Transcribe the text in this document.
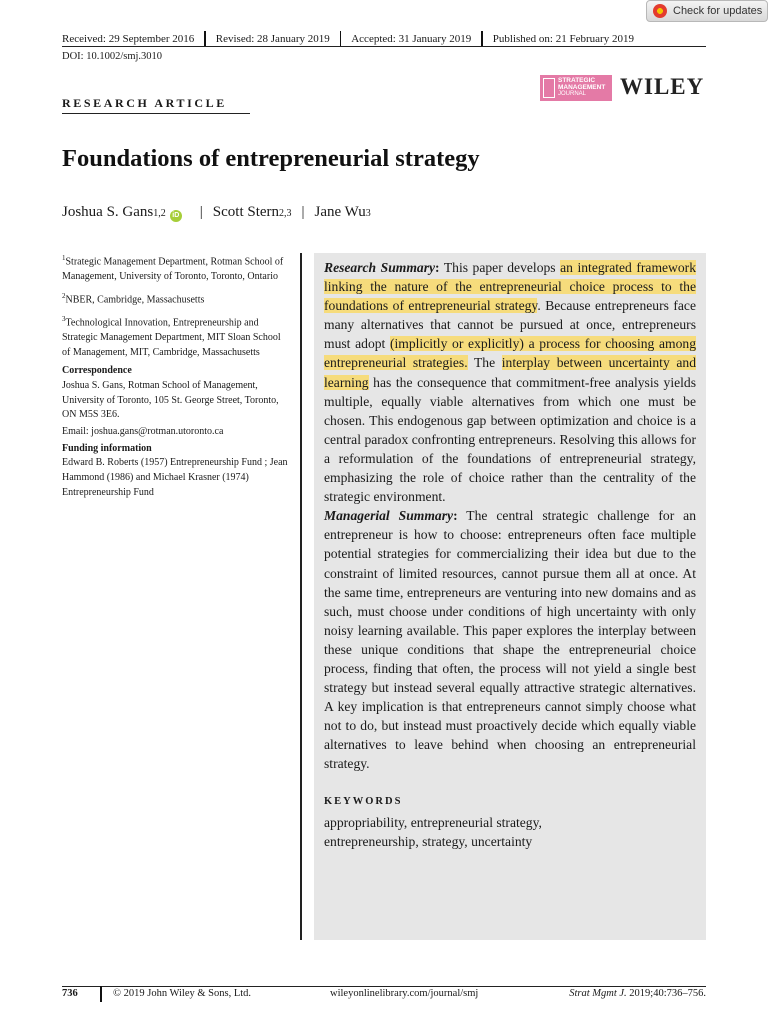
Check for updates
Received: 29 September 2016 Revised: 28 January 2019 Accepted: 31 January 2019 Published on: 21 February 2019
DOI: 10.1002/smj.3010
STRATEGIC
MANAGEMENT
JOURNAL	WILEY
RESEARCH ARTICLE
Foundations of entrepreneurial strategy
Joshua S. Gans 1,2 iD | Scott Stern 2,3 | Jane Wu 3

$^1$Strategic Management Department, Rotman School of Management, University of Toronto, Toronto, Ontario

$^2$NBER, Cambridge, Massachusetts

$^3$Technological Innovation, Entrepreneurship and Strategic Management Department, MIT Sloan School of Management, MIT, Cambridge, Massachusetts

Correspondence
Joshua S. Gans, Rotman School of Management, University of Toronto, 105 St. George Street, Toronto, ON M5S 3E6.
Email: joshua.gans@rotman.utoronto.ca
Funding information
Edward B. Roberts (1957) Entrepreneurship Fund ; Jean Hammond (1986) and Michael Krasner (1974) Entrepreneurship Fund

Research Summary: This paper develops an integrated framework linking the nature of the entrepreneurial choice process to the foundations of entrepreneurial strategy. Because entrepreneurs face many alternatives that cannot be pursued at once, entrepreneurs must adopt (implicitly or explicitly) a process for choosing among entrepreneurial strategies. The interplay between uncertainty and learning has the consequence that commitment-free analysis yields multiple, equally viable alternatives from which one must be chosen. This endogenous gap between optimization and choice is a central paradox confronting entrepreneurs. Resolving this allows for a reformulation of the foundations of entrepreneurial strategy, emphasizing the role of choice rather than the centrality of the strategic environment.

Managerial Summary: The central strategic challenge for an entrepreneur is how to choose: entrepreneurs often face multiple potential strategies for commercializing their idea but due to the constraint of limited resources, cannot pursue them all at once. At the same time, entrepreneurs are venturing into new domains and as such, must choose under conditions of high uncertainty with only noisy learning available. This paper explores the interplay between these unique conditions that shape the entrepreneurial choice process, finding that often, the process will not yield a single best strategy but instead several equally attractive strategic alternatives. A key implication is that entrepreneurs cannot simply choose what not to do, but instead must proactively decide which equally viable alternatives to leave behind when choosing an entrepreneurial strategy.

KEYWORDS
appropriability, entrepreneurial strategy,
entrepreneurship, strategy, uncertainty
736	© 2019 John Wiley & Sons, Ltd.	wileyonlinelibrary.com/journal/smj	Strat Mgmt J. 2019;40:736–756.
